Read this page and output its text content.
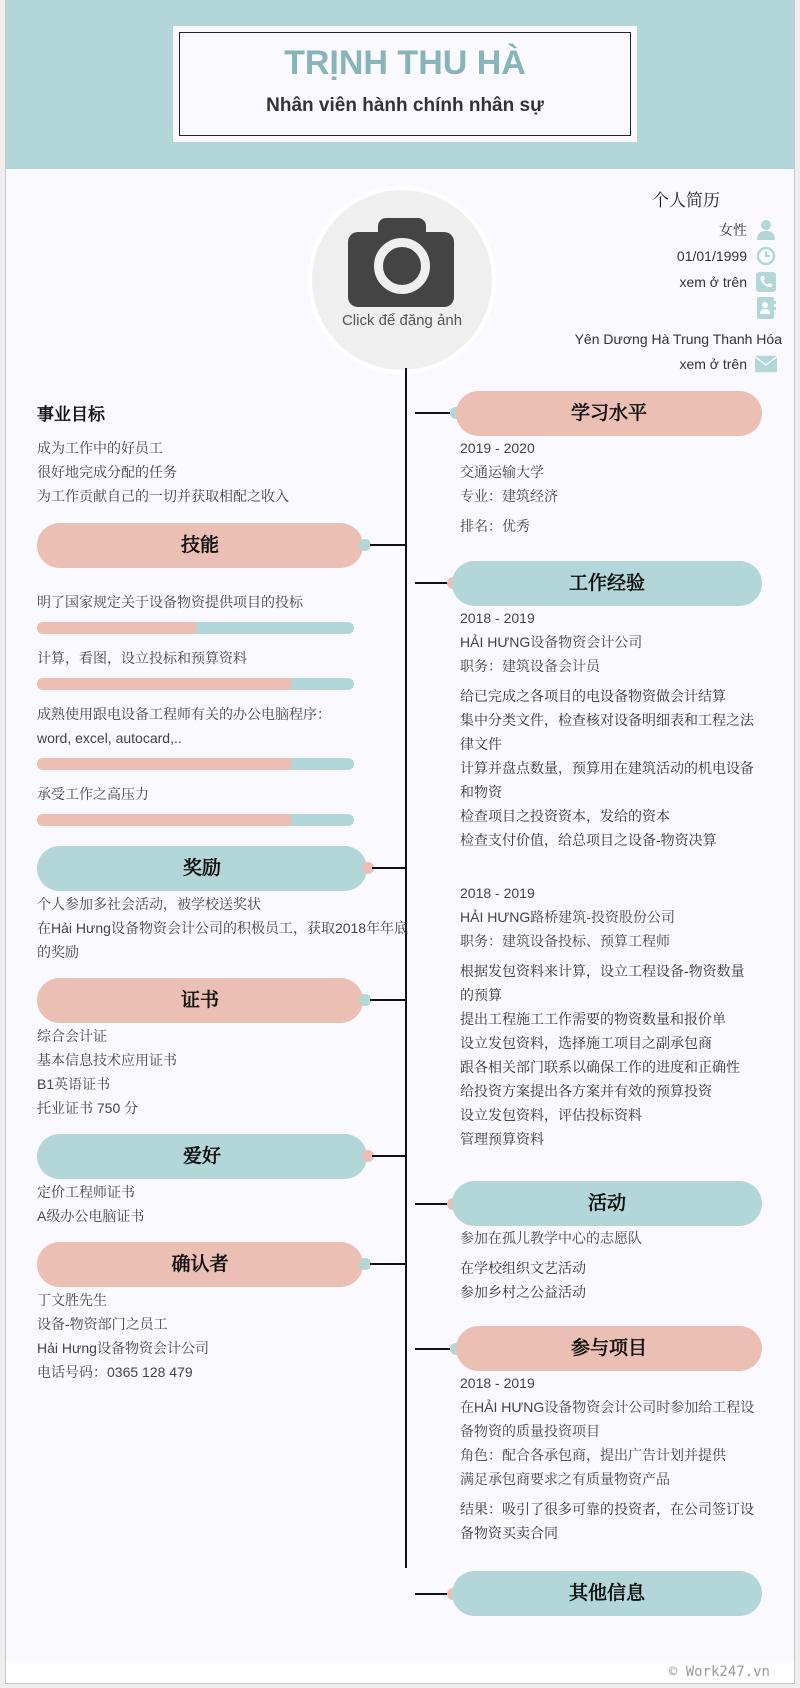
TRỊNH THU HÀ
Nhân viên hành chính nhân sự
Click để đăng ảnh
个人简历
女性
01/01/1999
xem ở trên
Yên Dương Hà Trung Thanh Hóa
xem ở trên
事业目标
成为工作中的好员工
很好地完成分配的任务
为工作贡献自己的一切并获取相配之收入
技能
明了国家规定关于设备物资提供项目的投标
计算，看图，设立投标和预算资料
成熟使用跟电设备工程师有关的办公电脑程序：
word, excel, autocard,..
承受工作之高压力
奖励
个人参加多社会活动，被学校送奖状
在Hải Hưng设备物资会计公司的积极员工，获取2018年年底
的奖励
证书
综合会计证
基本信息技术应用证书
B1英语证书
托业证书 750 分
爱好
定价工程师证书
A级办公电脑证书
确认者
丁文胜先生
设备-物资部门之员工
Hải Hưng设备物资会计公司
电话号码：0365 128 479
学习水平
2019 - 2020
交通运输大学
专业：建筑经济
排名：优秀
工作经验
2018 - 2019
HẢI HƯNG设备物资会计公司
职务：建筑设备会计员
给已完成之各项目的电设备物资做会计结算
集中分类文件，检查核对设备明细表和工程之法
律文件
计算并盘点数量，预算用在建筑活动的机电设备
和物资
检查项目之投资资本，发给的资本
检查支付价值，给总项目之设备-物资决算
2018 - 2019
HẢI HƯNG路桥建筑-投资股份公司
职务：建筑设备投标、预算工程师
根据发包资料来计算，设立工程设备-物资数量
的预算
提出工程施工工作需要的物资数量和报价单
设立发包资料，选择施工项目之副承包商
跟各相关部门联系以确保工作的进度和正确性
给投资方案提出各方案并有效的预算投资
设立发包资料，评估投标资料
管理预算资料
活动
参加在孤儿教学中心的志愿队
在学校组织文艺活动
参加乡村之公益活动
参与项目
2018 - 2019
在HẢI HƯNG设备物资会计公司时参加给工程设
备物资的质量投资项目
角色：配合各承包商，提出广告计划并提供
满足承包商要求之有质量物资产品
结果：吸引了很多可靠的投资者，在公司签订设
备物资买卖合同
其他信息
© Work247.vn
